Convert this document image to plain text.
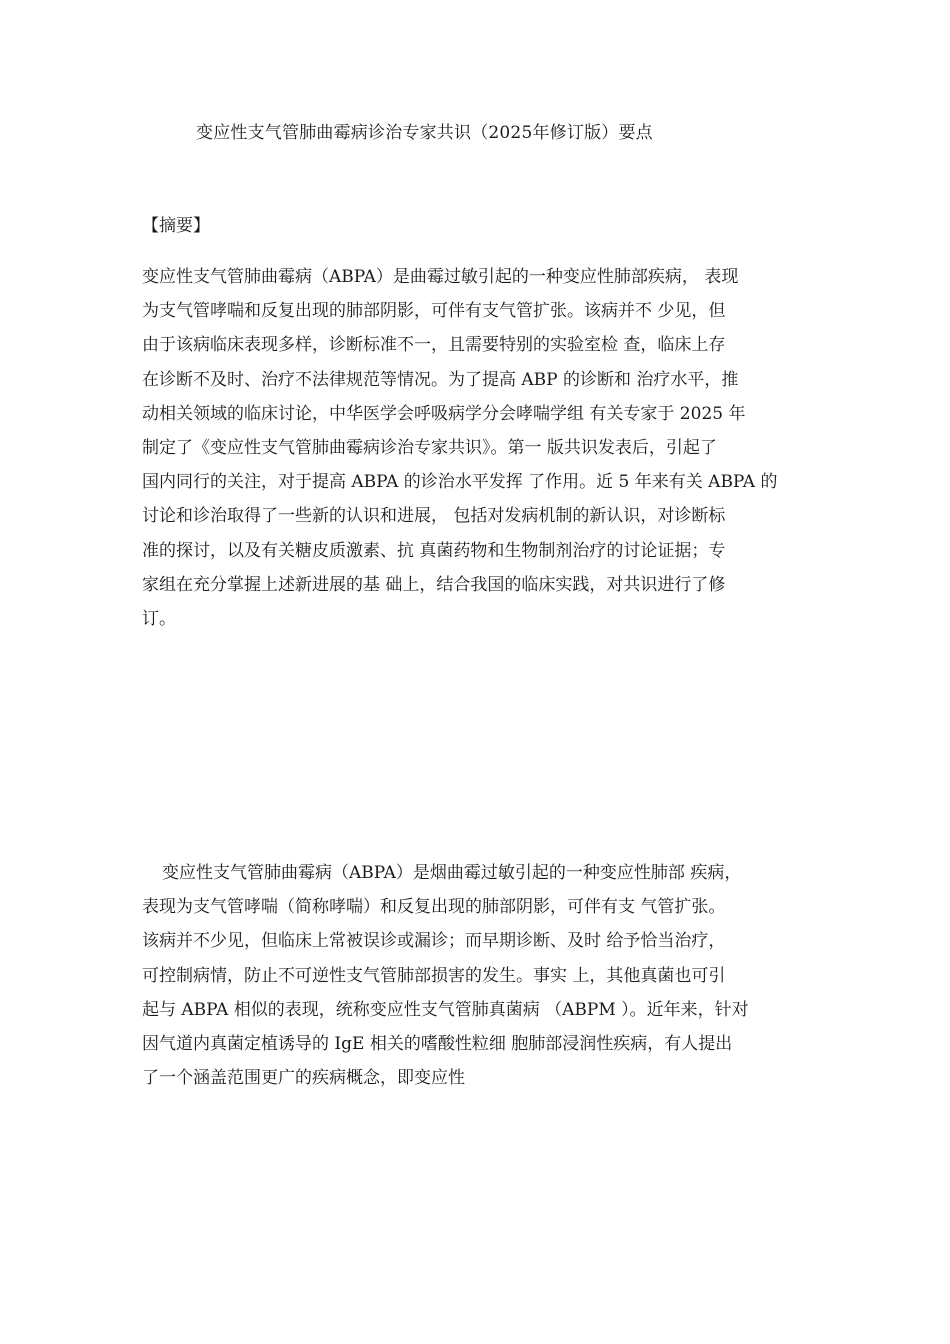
变应性支气管肺曲霉病诊治专家共识（2025年修订版）要点
【摘要】
变应性支气管肺曲霉病（ABPA）是曲霉过敏引起的一种变应性肺部疾病， 表现
为支气管哮喘和反复出现的肺部阴影，可伴有支气管扩张。该病并不 少见，但
由于该病临床表现多样，诊断标准不一，且需要特别的实验室检 查，临床上存
在诊断不及时、治疗不法律规范等情况。为了提高 ABP 的诊断和 治疗水平，推
动相关领域的临床讨论，中华医学会呼吸病学分会哮喘学组 有关专家于 2025 年
制定了《变应性支气管肺曲霉病诊治专家共识》。第一 版共识发表后，引起了
国内同行的关注，对于提高 ABPA 的诊治水平发挥 了作用。近 5 年来有关 ABPA 的
讨论和诊治取得了一些新的认识和进展， 包括对发病机制的新认识，对诊断标
准的探讨，以及有关糖皮质激素、抗 真菌药物和生物制剂治疗的讨论证据；专
家组在充分掌握上述新进展的基 础上，结合我国的临床实践，对共识进行了修
订。
变应性支气管肺曲霉病（ABPA）是烟曲霉过敏引起的一种变应性肺部 疾病，
表现为支气管哮喘（简称哮喘）和反复出现的肺部阴影，可伴有支 气管扩张。
该病并不少见，但临床上常被误诊或漏诊；而早期诊断、及时 给予恰当治疗，
可控制病情，防止不可逆性支气管肺部损害的发生。事实 上，其他真菌也可引
起与 ABPA 相似的表现，统称变应性支气管肺真菌病 （ABPM ）。近年来，针对
因气道内真菌定植诱导的 IgE 相关的嗜酸性粒细 胞肺部浸润性疾病，有人提出
了一个涵盖范围更广的疾病概念，即变应性
